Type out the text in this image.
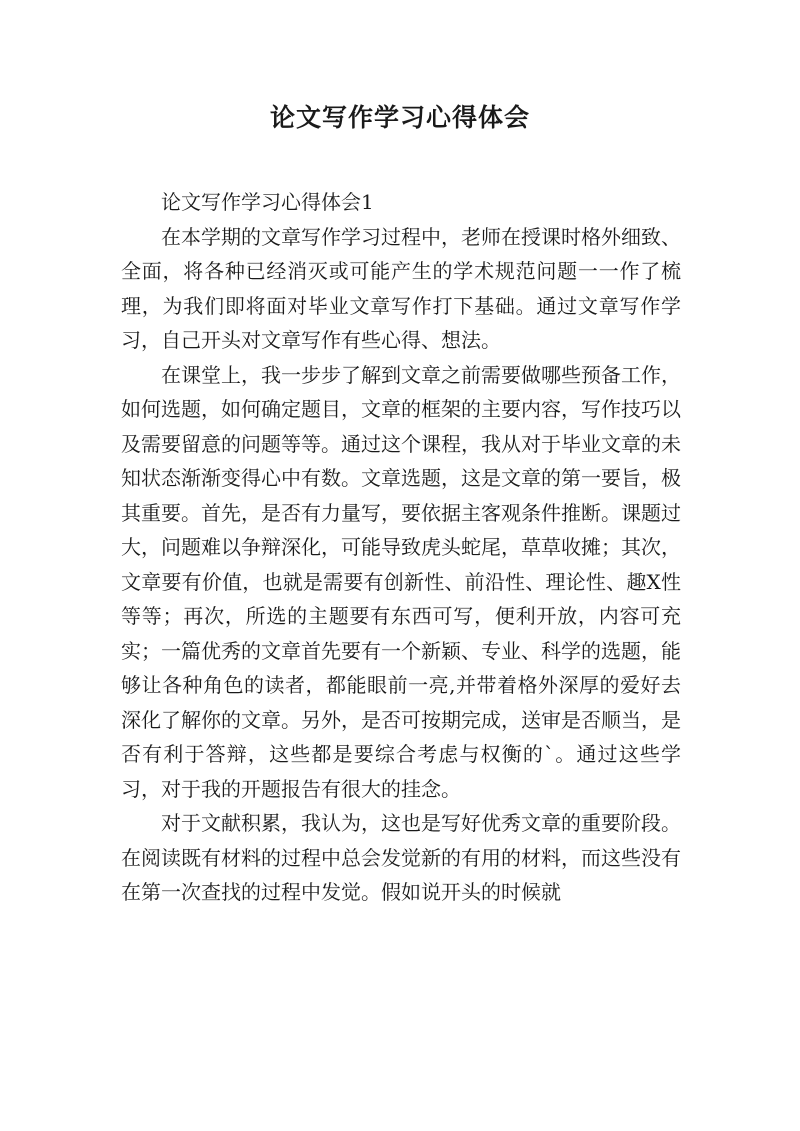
论文写作学习心得体会

论文写作学习心得体会1

在本学期的文章写作学习过程中，老师在授课时格外细致、全面，将各种已经消灭或可能产生的学术规范问题一一作了梳理，为我们即将面对毕业文章写作打下基础。通过文章写作学习，自己开头对文章写作有些心得、想法。

在课堂上，我一步步了解到文章之前需要做哪些预备工作，如何选题，如何确定题目，文章的框架的主要内容，写作技巧以及需要留意的问题等等。通过这个课程，我从对于毕业文章的未知状态渐渐变得心中有数。文章选题，这是文章的第一要旨，极其重要。首先，是否有力量写，要依据主客观条件推断。课题过大，问题难以争辩深化，可能导致虎头蛇尾，草草收摊；其次，文章要有价值，也就是需要有创新性、前沿性、理论性、趣X性等等；再次，所选的主题要有东西可写，便利开放，内容可充实；一篇优秀的文章首先要有一个新颖、专业、科学的选题，能够让各种角色的读者，都能眼前一亮,并带着格外深厚的爱好去深化了解你的文章。另外，是否可按期完成，送审是否顺当，是否有利于答辩，这些都是要综合考虑与权衡的`。通过这些学习，对于我的开题报告有很大的挂念。

对于文献积累，我认为，这也是写好优秀文章的重要阶段。在阅读既有材料的过程中总会发觉新的有用的材料，而这些没有在第一次查找的过程中发觉。假如说开头的时候就
